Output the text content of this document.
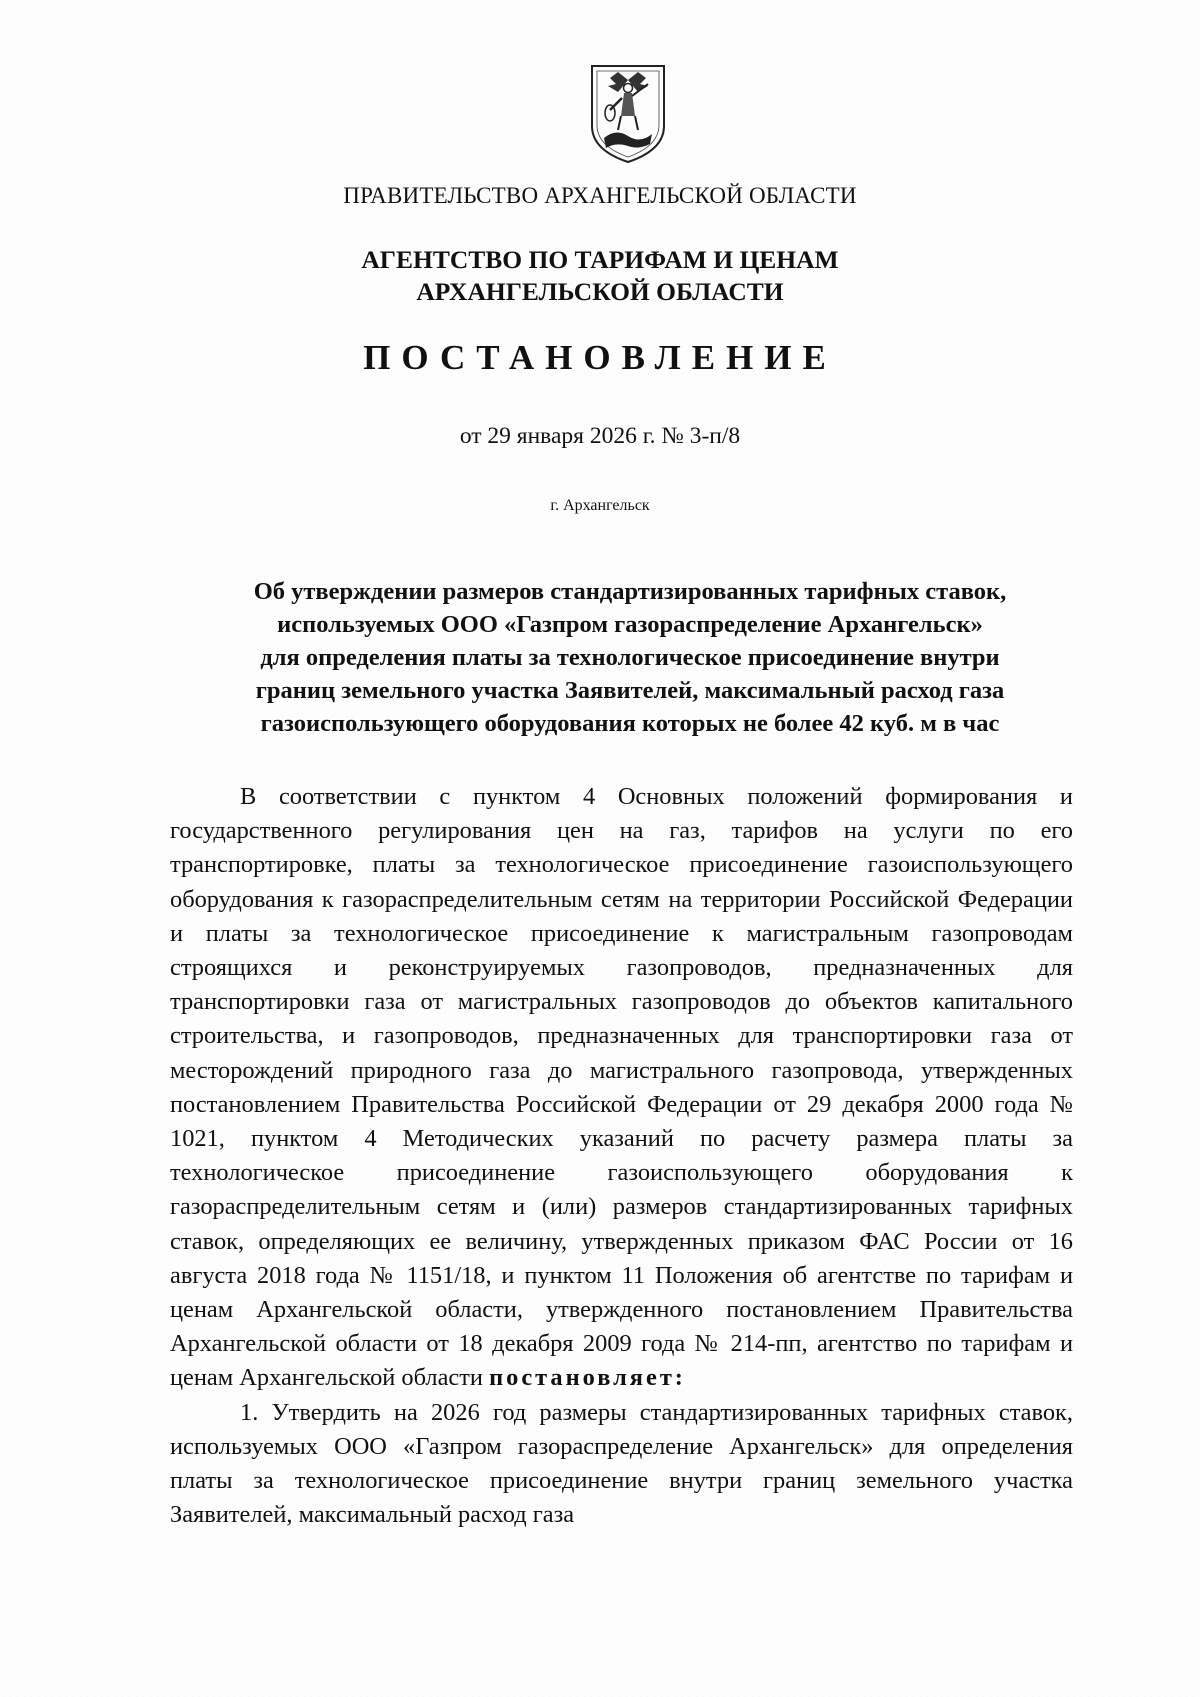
ПРАВИТЕЛЬСТВО АРХАНГЕЛЬСКОЙ ОБЛАСТИ
АГЕНТСТВО ПО ТАРИФАМ И ЦЕНАМ
АРХАНГЕЛЬСКОЙ ОБЛАСТИ
ПОСТАНОВЛЕНИЕ
от 29 января 2026 г. № 3-п/8
г. Архангельск
Об утверждении размеров стандартизированных тарифных ставок,
используемых ООО «Газпром газораспределение Архангельск»
для определения платы за технологическое присоединение внутри
границ земельного участка Заявителей, максимальный расход газа
газоиспользующего оборудования которых не более 42 куб. м в час

В соответствии с пунктом 4 Основных положений формирования и государственного регулирования цен на газ, тарифов на услуги по его транспортировке, платы за технологическое присоединение газоиспользующего оборудования к газораспределительным сетям на территории Российской Федерации и платы за технологическое присоединение к магистральным газопроводам строящихся и реконструируемых газопроводов, предназначенных для транспортировки газа от магистральных газопроводов до объектов капитального строительства, и газопроводов, предназначенных для транспортировки газа от месторождений природного газа до магистрального газопровода, утвержденных постановлением Правительства Российской Федерации от 29 декабря 2000 года № 1021, пунктом 4 Методических указаний по расчету размера платы за технологическое присоединение газоиспользующего оборудования к газораспределительным сетям и (или) размеров стандартизированных тарифных ставок, определяющих ее величину, утвержденных приказом ФАС России от 16 августа 2018 года № 1151/18, и пунктом 11 Положения об агентстве по тарифам и ценам Архангельской области, утвержденного постановлением Правительства Архангельской области от 18 декабря 2009 года № 214-пп, агентство по тарифам и ценам Архангельской области постановляет:

1. Утвердить на 2026 год размеры стандартизированных тарифных ставок, используемых ООО «Газпром газораспределение Архангельск» для определения платы за технологическое присоединение внутри границ земельного участка Заявителей, максимальный расход газа
